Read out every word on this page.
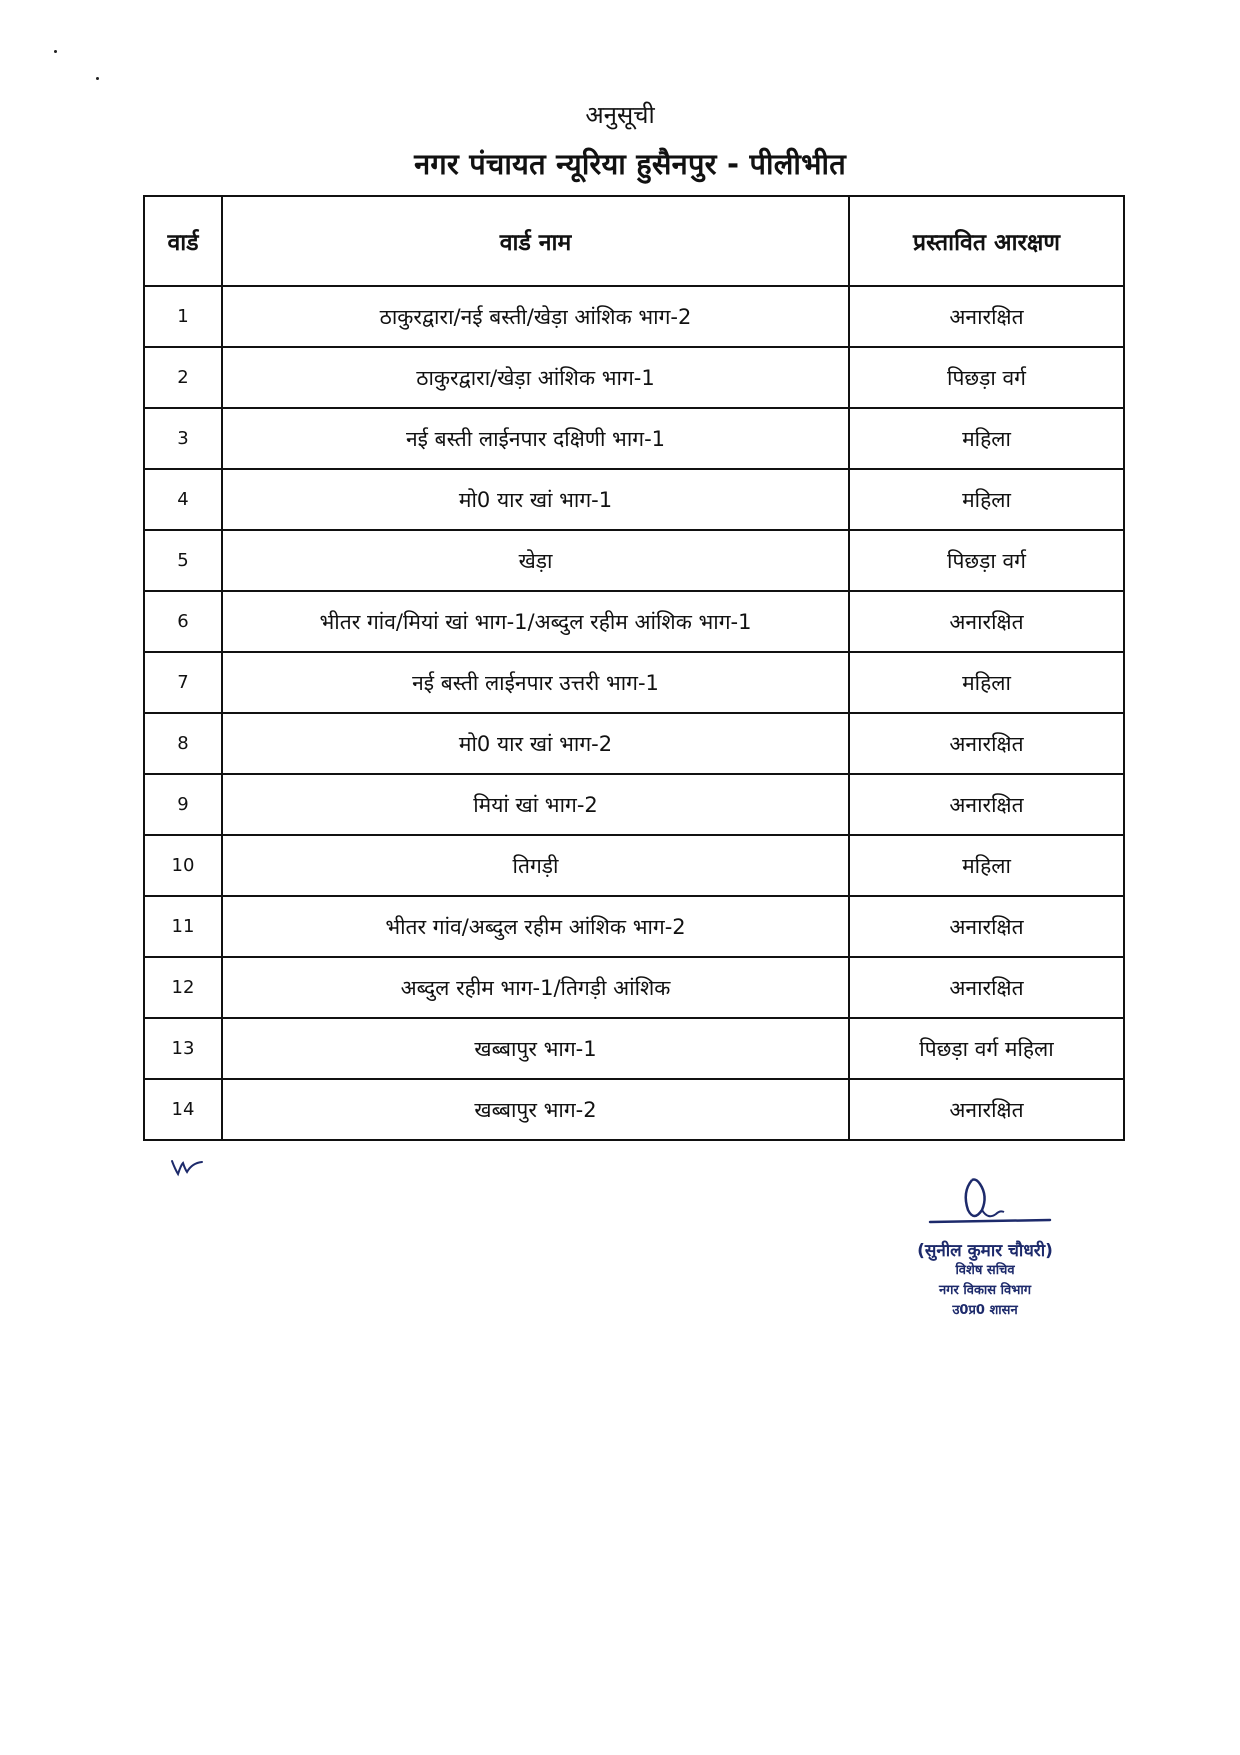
अनुसूची
नगर पंचायत न्यूरिया हुसैनपुर - पीलीभीत
वार्ड	वार्ड नाम	प्रस्तावित आरक्षण
1	ठाकुरद्वारा/नई बस्ती/खेड़ा आंशिक भाग-2	अनारक्षित
2	ठाकुरद्वारा/खेड़ा आंशिक भाग-1	पिछड़ा वर्ग
3	नई बस्ती लाईनपार दक्षिणी भाग-1	महिला
4	मो0 यार खां भाग-1	महिला
5	खेड़ा	पिछड़ा वर्ग
6	भीतर गांव/मियां खां भाग-1/अब्दुल रहीम आंशिक भाग-1	अनारक्षित
7	नई बस्ती लाईनपार उत्तरी भाग-1	महिला
8	मो0 यार खां भाग-2	अनारक्षित
9	मियां खां भाग-2	अनारक्षित
10	तिगड़ी	महिला
11	भीतर गांव/अब्दुल रहीम आंशिक भाग-2	अनारक्षित
12	अब्दुल रहीम भाग-1/तिगड़ी आंशिक	अनारक्षित
13	खब्बापुर भाग-1	पिछड़ा वर्ग महिला
14	खब्बापुर भाग-2	अनारक्षित
(सुनील कुमार चौधरी)
विशेष सचिव
नगर विकास विभाग
उ0प्र0 शासन
